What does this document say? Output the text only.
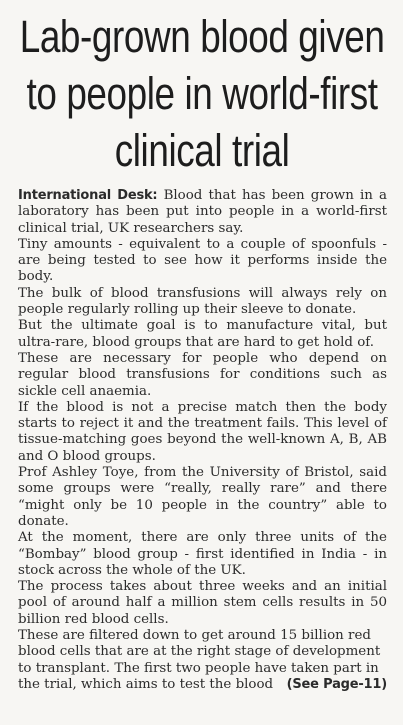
Lab-grown blood given
to people in world-first
clinical trial

International Desk: Blood that has been grown in a laboratory has been put into people in a world-first clinical trial, UK researchers say.

Tiny amounts - equivalent to a couple of spoonfuls - are being tested to see how it performs inside the body.

The bulk of blood transfusions will always rely on people regularly rolling up their sleeve to donate.

But the ultimate goal is to manufacture vital, but ultra-rare, blood groups that are hard to get hold of.

These are necessary for people who depend on regular blood transfusions for conditions such as sickle cell anaemia.

If the blood is not a precise match then the body starts to reject it and the treatment fails. This level of tissue-matching goes beyond the well-known A, B, AB and O blood groups.

Prof Ashley Toye, from the University of Bristol, said some groups were “really, really rare” and there “might only be 10 people in the country” able to donate.

At the moment, there are only three units of the “Bombay” blood group - first identified in India - in stock across the whole of the UK.

The process takes about three weeks and an initial pool of around half a million stem cells results in 50 billion red blood cells.

These are filtered down to get around 15 billion red blood cells that are at the right stage of development to transplant. The first two people have taken part in the trial, which aims to test the blood (See Page-11)
